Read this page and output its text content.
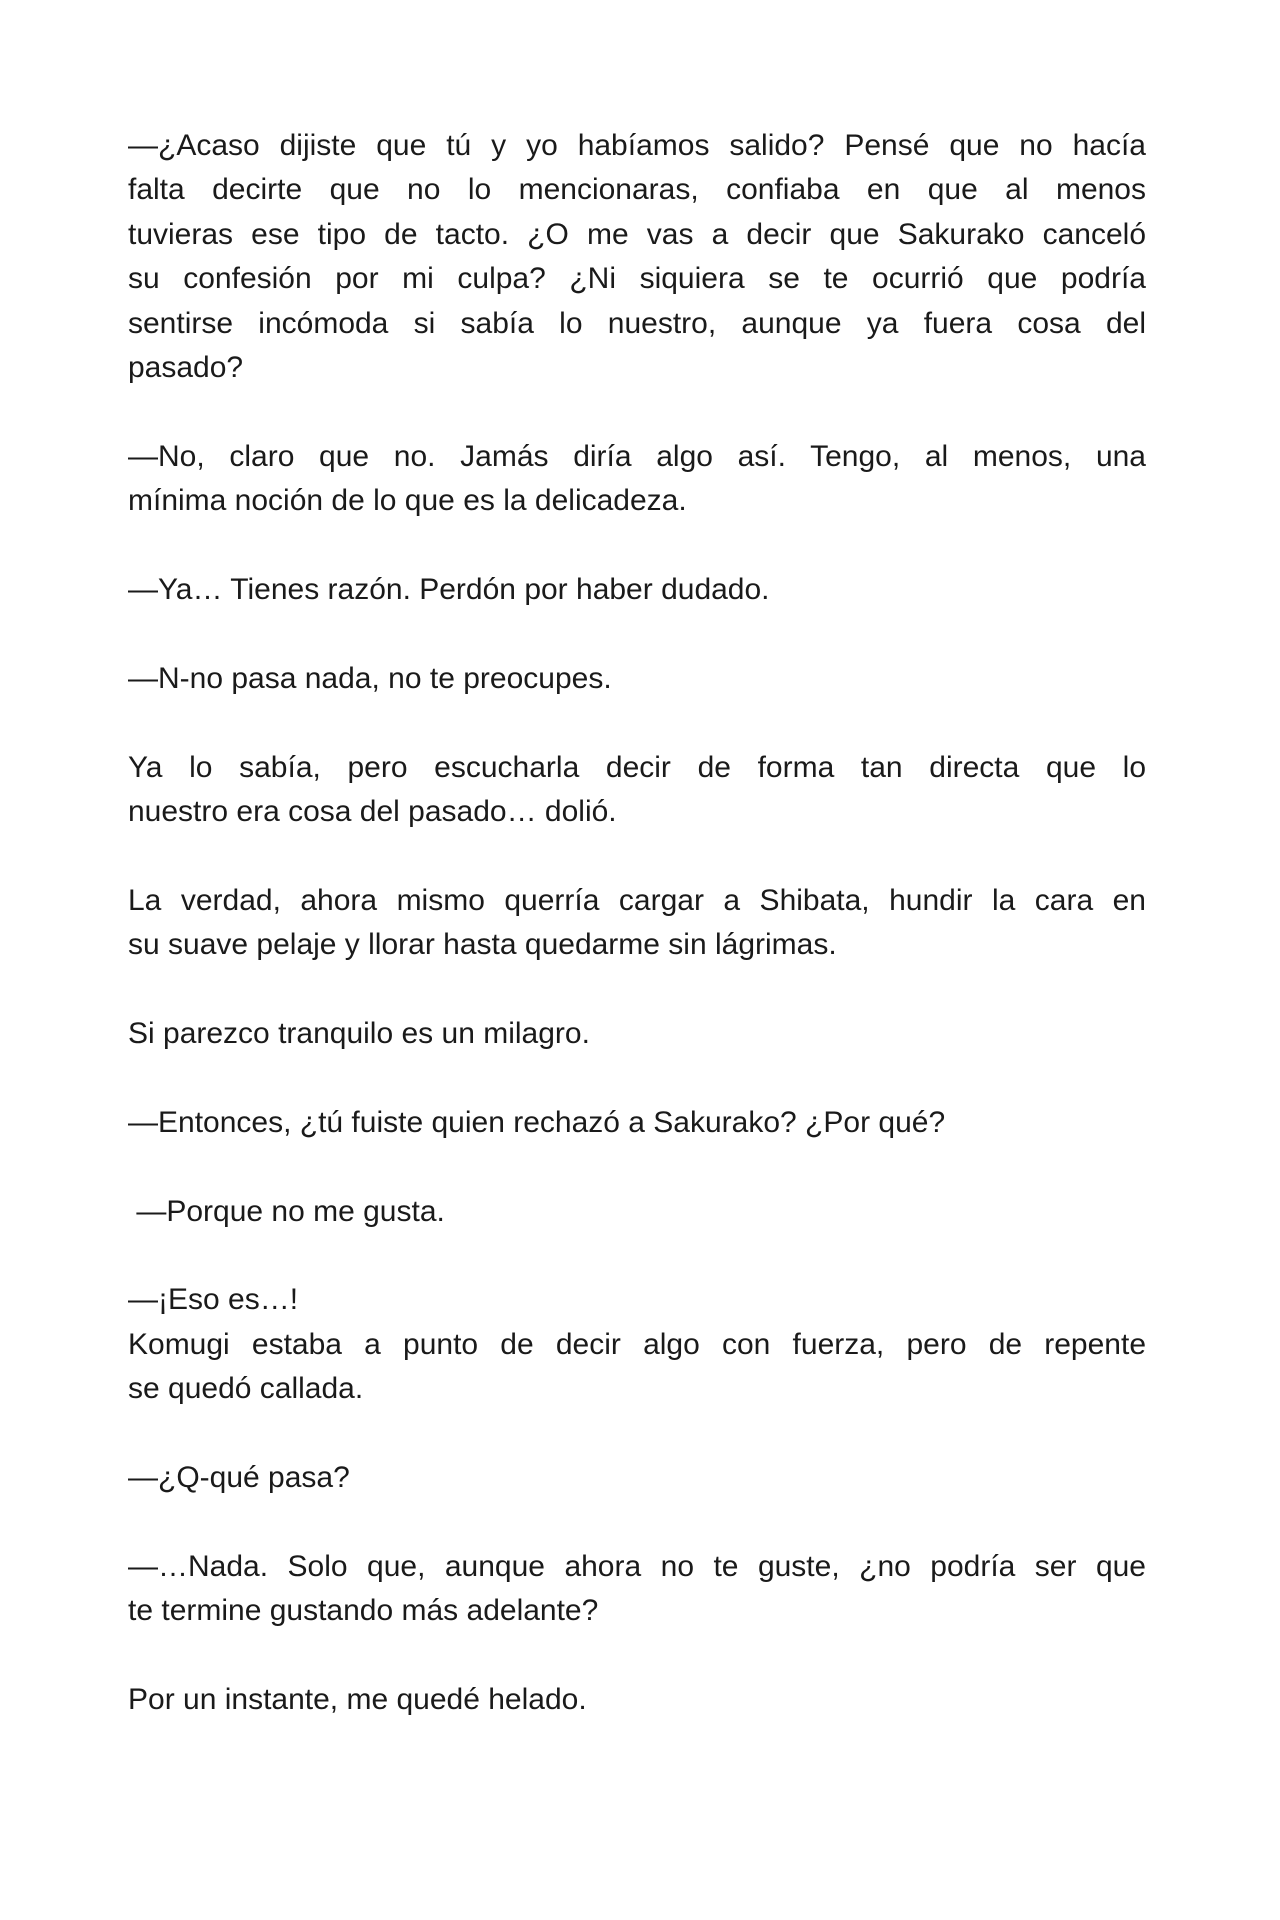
—¿Acaso dijiste que tú y yo habíamos salido? Pensé que no hacía
falta decirte que no lo mencionaras, confiaba en que al menos
tuvieras ese tipo de tacto. ¿O me vas a decir que Sakurako canceló
su confesión por mi culpa? ¿Ni siquiera se te ocurrió que podría
sentirse incómoda si sabía lo nuestro, aunque ya fuera cosa del
pasado?

—No, claro que no. Jamás diría algo así. Tengo, al menos, una
mínima noción de lo que es la delicadeza.

—Ya… Tienes razón. Perdón por haber dudado.

—N-no pasa nada, no te preocupes.

Ya lo sabía, pero escucharla decir de forma tan directa que lo
nuestro era cosa del pasado… dolió.

La verdad, ahora mismo querría cargar a Shibata, hundir la cara en
su suave pelaje y llorar hasta quedarme sin lágrimas.

Si parezco tranquilo es un milagro.

—Entonces, ¿tú fuiste quien rechazó a Sakurako? ¿Por qué?

—Porque no me gusta.

—¡Eso es…!

Komugi estaba a punto de decir algo con fuerza, pero de repente
se quedó callada.

—¿Q-qué pasa?

—…Nada. Solo que, aunque ahora no te guste, ¿no podría ser que
te termine gustando más adelante?

Por un instante, me quedé helado.
